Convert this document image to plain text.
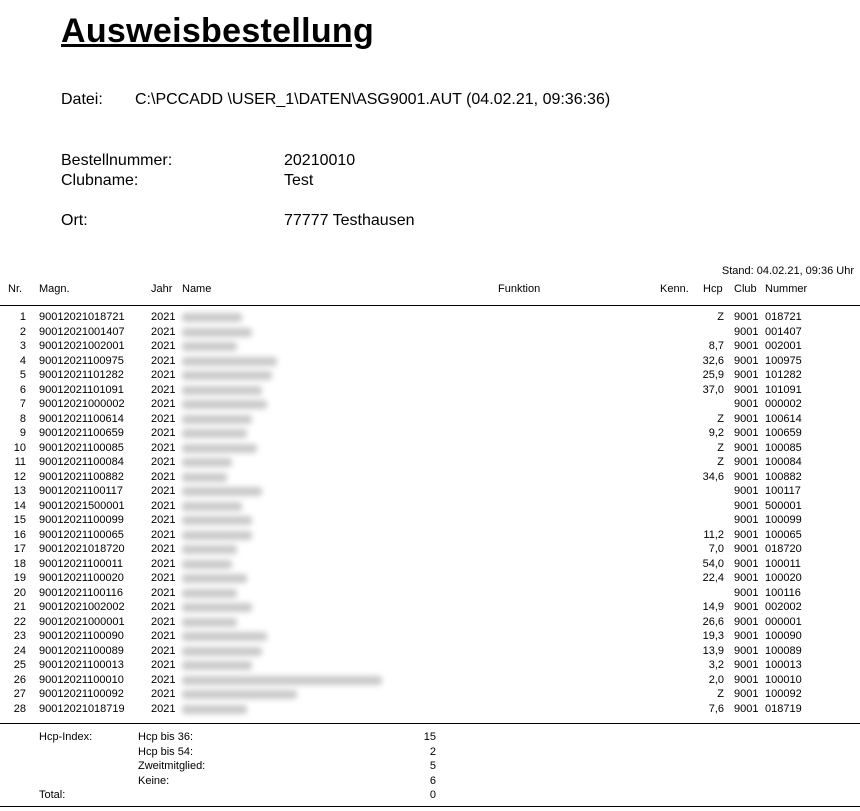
Ausweisbestellung
Datei: C:\PCCADD \USER_1\DATEN\ASG9001.AUT (04.02.21, 09:36:36)
Bestellnummer:	20210010
Clubname:	Test
Ort:	77777 Testhausen
Stand: 04.02.21, 09:36 Uhr
Nr. Magn.	Jahr Name	Funktion	Kenn. Hcp Club Nummer
1 90012021018721 2021	Z 9001 018721
2 90012021001407 2021	9001 001407
3 90012021002001 2021	8,7 9001 002001
4 90012021100975 2021	32,6 9001 100975
5 90012021101282 2021	25,9 9001 101282
6 90012021101091 2021	37,0 9001 101091
7 90012021000002 2021	9001 000002
8 90012021100614 2021	Z 9001 100614
9 90012021100659 2021	9,2 9001 100659
10 90012021100085 2021	Z 9001 100085
11 90012021100084 2021	Z 9001 100084
12 90012021100882 2021	34,6 9001 100882
13 90012021100117	2021	9001 100117
14 90012021500001 2021	9001 500001
15 90012021100099 2021	9001 100099
16 90012021100065 2021	11,2 9001 100065
17 90012021018720 2021	7,0 9001 018720
18 90012021100011	2021	54,0 9001 100011
19 90012021100020 2021	22,4 9001 100020
20 90012021100116	2021	9001 100116
21 90012021002002 2021	14,9 9001 002002
22 90012021000001 2021	26,6 9001 000001
23 90012021100090 2021	19,3 9001 100090
24 90012021100089 2021	13,9 9001 100089
25 90012021100013 2021	3,2 9001 100013
26 90012021100010 2021	2,0 9001 100010
27 90012021100092 2021	Z 9001 100092
28 90012021018719 2021	7,6 9001 018719
Hcp-Index:	Hcp bis 36:	15
Hcp bis 54:	2
Zweitmitglied:	5
Keine:	6
Total:	0
